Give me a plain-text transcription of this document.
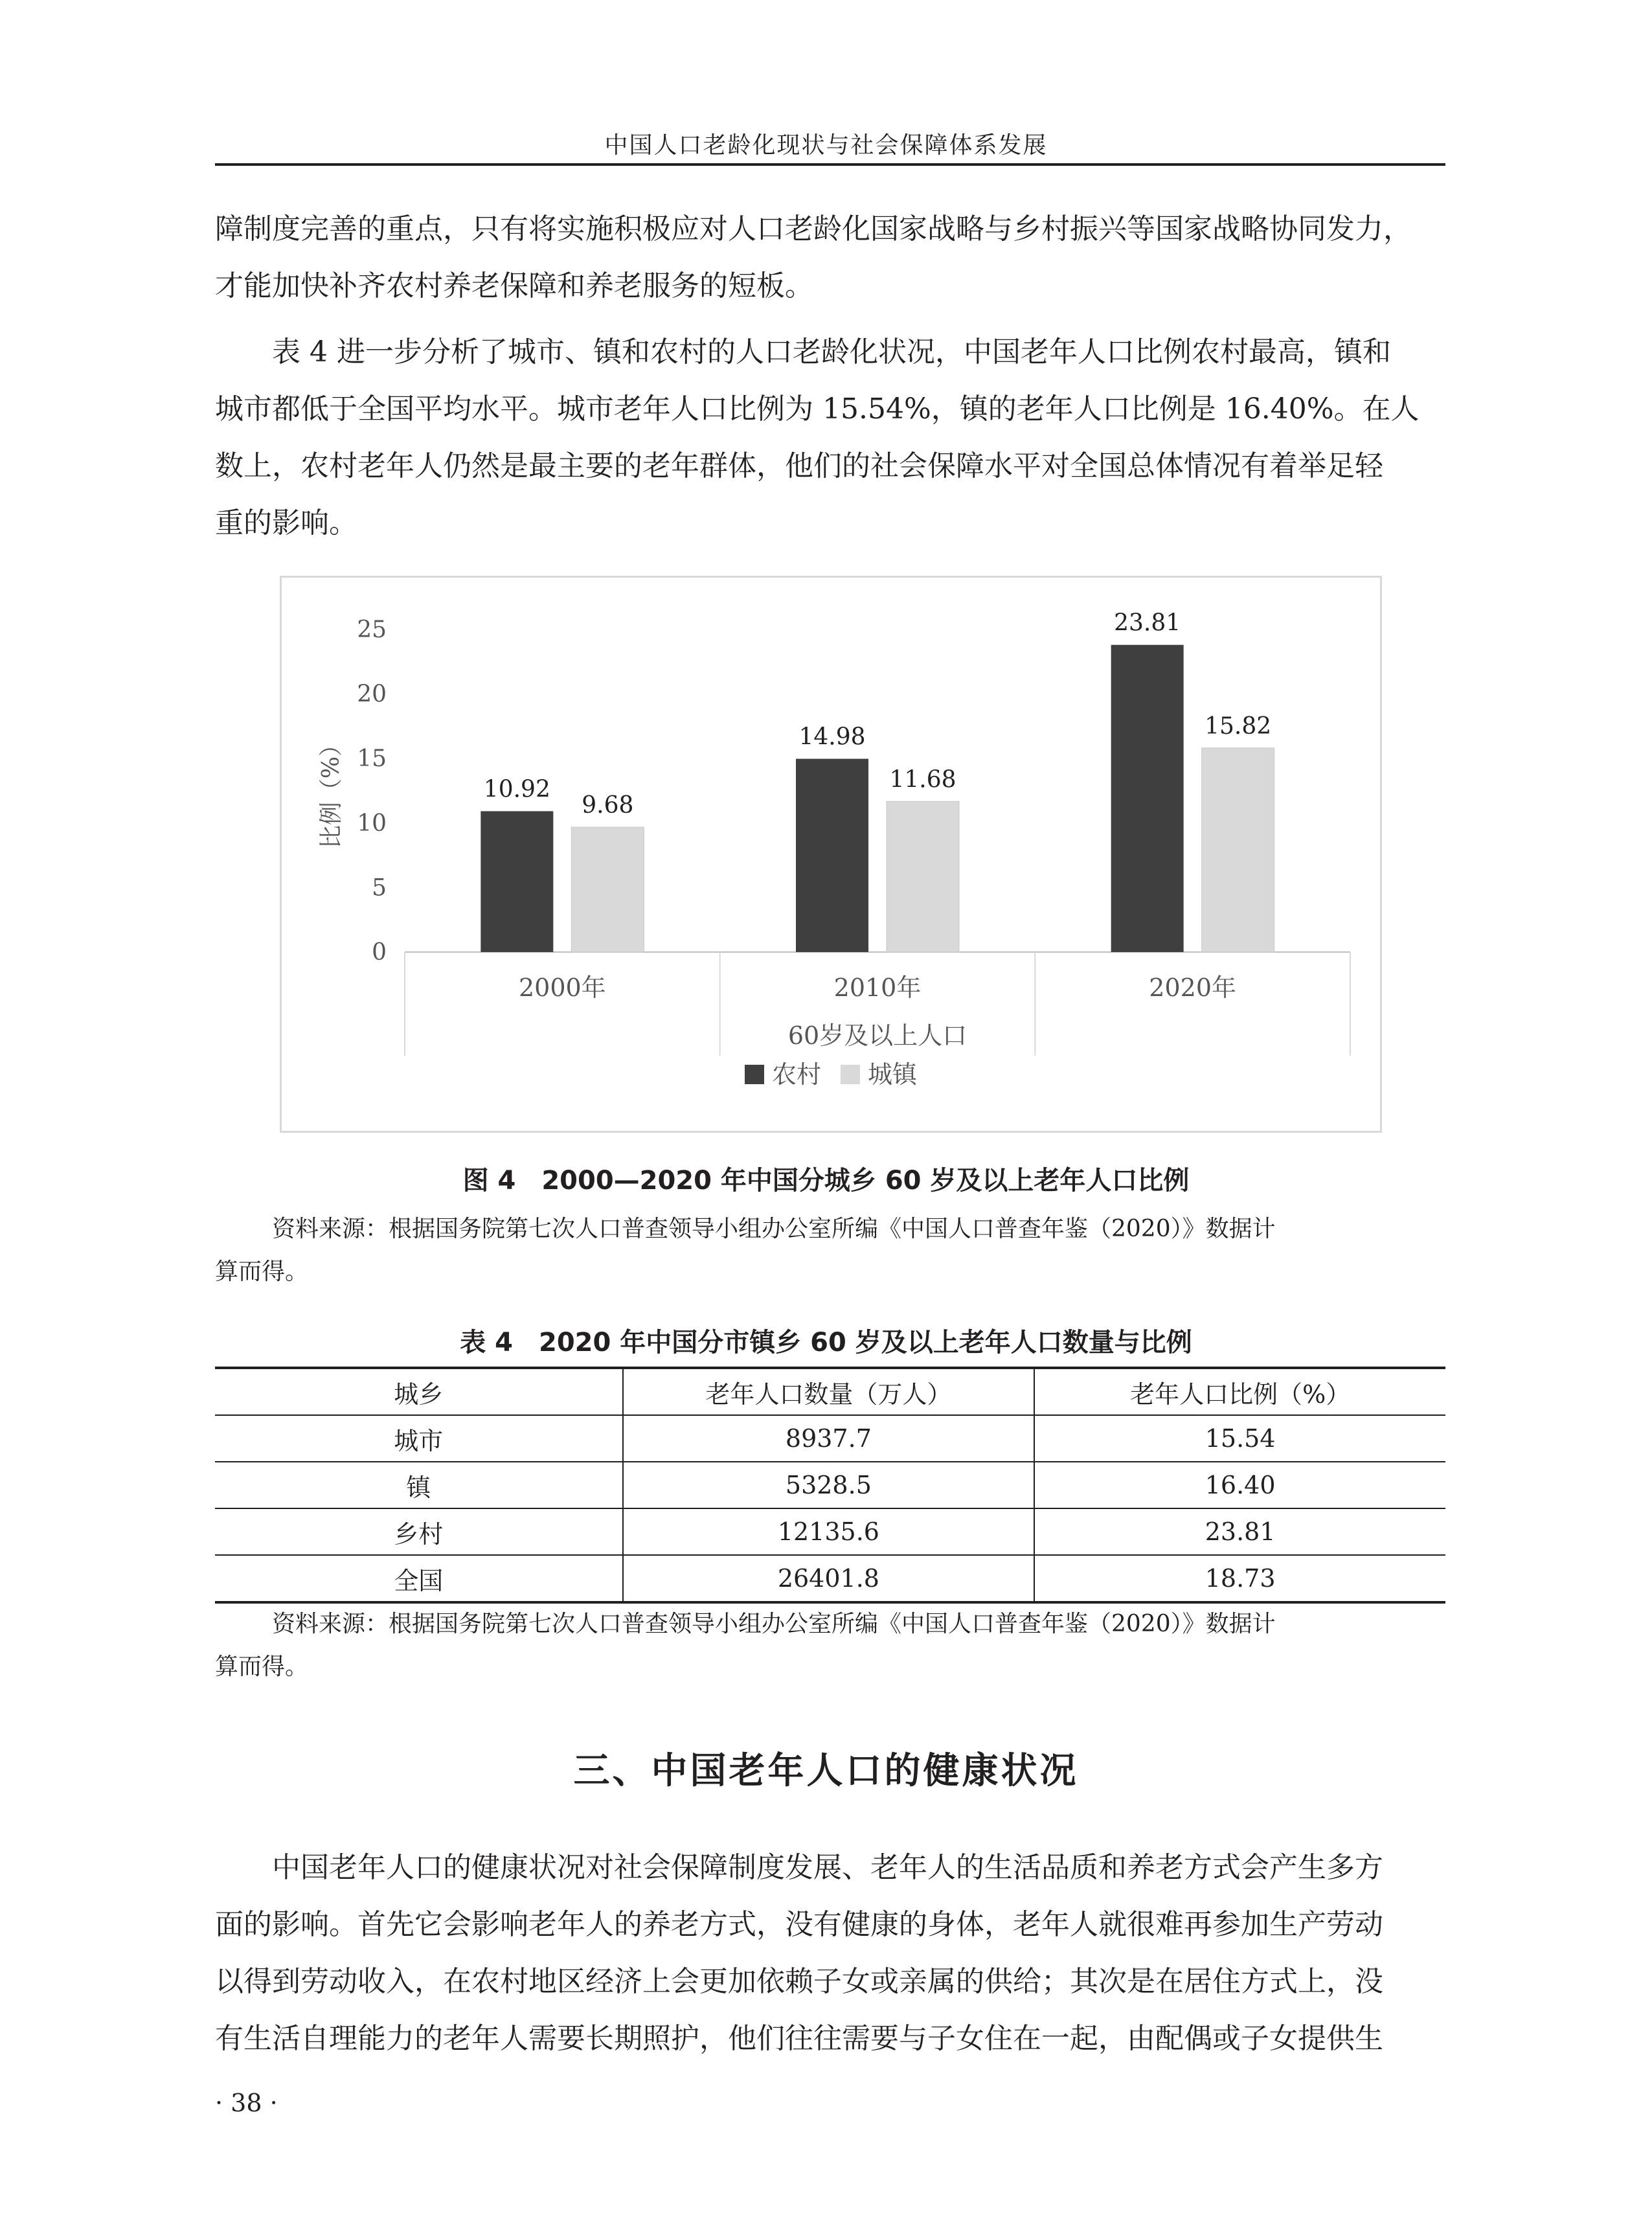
中国人口老龄化现状与社会保障体系发展

障制度完善的重点，只有将实施积极应对人口老龄化国家战略与乡村振兴等国家战略协同发力，
才能加快补齐农村养老保障和养老服务的短板。

表 4 进一步分析了城市、镇和农村的人口老龄化状况，中国老年人口比例农村最高，镇和
城市都低于全国平均水平。城市老年人口比例为 15.54%，镇的老年人口比例是 16.40%。在人
数上，农村老年人仍然是最主要的老年群体，他们的社会保障水平对全国总体情况有着举足轻
重的影响。

0
5
10
15
20
25
比例（%）	10.92
9.68
2000年
14.98
11.68
2010年
23.81
15.82
2020年
60岁及以上人口
农村 城镇
图 4　2000—2020 年中国分城乡 60 岁及以上老年人口比例
资料来源：根据国务院第七次人口普查领导小组办公室所编《中国人口普查年鉴（2020）》数据计
算而得。
表 4　2020 年中国分市镇乡 60 岁及以上老年人口数量与比例
城乡	老年人口数量（万人）	老年人口比例（%）
城市	8937.7	15.54
镇	5328.5	16.40
乡村	12135.6	23.81
全国	26401.8	18.73
资料来源：根据国务院第七次人口普查领导小组办公室所编《中国人口普查年鉴（2020）》数据计
算而得。
三、中国老年人口的健康状况

中国老年人口的健康状况对社会保障制度发展、老年人的生活品质和养老方式会产生多方
面的影响。首先它会影响老年人的养老方式，没有健康的身体，老年人就很难再参加生产劳动
以得到劳动收入，在农村地区经济上会更加依赖子女或亲属的供给；其次是在居住方式上，没
有生活自理能力的老年人需要长期照护，他们往往需要与子女住在一起，由配偶或子女提供生

· 38 ·
